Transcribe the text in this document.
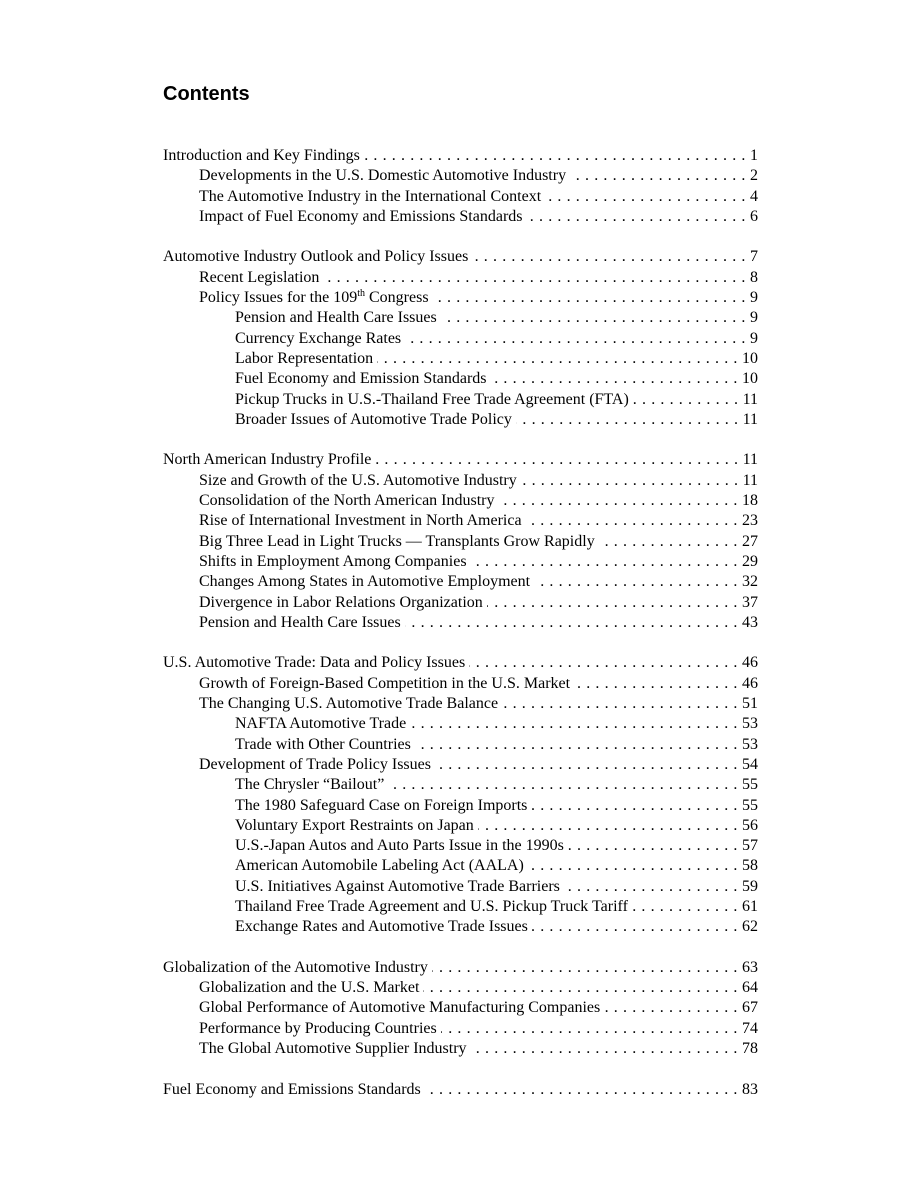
Contents
Introduction and Key Findings . . .	1
Developments in the U.S. Domestic Automotive Industry . . .	2
The Automotive Industry in the International Context . . .	4
Impact of Fuel Economy and Emissions Standards . . .	6
Automotive Industry Outlook and Policy Issues . . .	7
Recent Legislation . . .	8
Policy Issues for the 109th Congress . . .	9
Pension and Health Care Issues . . .	9
Currency Exchange Rates . . .	9
Labor Representation . . .	10
Fuel Economy and Emission Standards . . .	10
Pickup Trucks in U.S.-Thailand Free Trade Agreement (FTA) . . .	11
Broader Issues of Automotive Trade Policy . . .	11
North American Industry Profile . . .	11
Size and Growth of the U.S. Automotive Industry . . .	11
Consolidation of the North American Industry . . .	18
Rise of International Investment in North America . . .	23
Big Three Lead in Light Trucks — Transplants Grow Rapidly . . .	27
Shifts in Employment Among Companies . . .	29
Changes Among States in Automotive Employment . . .	32
Divergence in Labor Relations Organization . . .	37
Pension and Health Care Issues . . .	43
U.S. Automotive Trade: Data and Policy Issues . . .	46
Growth of Foreign-Based Competition in the U.S. Market . . .	46
The Changing U.S. Automotive Trade Balance . . .	51
NAFTA Automotive Trade . . .	53
Trade with Other Countries . . .	53
Development of Trade Policy Issues . . .	54
The Chrysler “Bailout” . . .	55
The 1980 Safeguard Case on Foreign Imports . . .	55
Voluntary Export Restraints on Japan . . .	56
U.S.-Japan Autos and Auto Parts Issue in the 1990s . . .	57
American Automobile Labeling Act (AALA) . . .	58
U.S. Initiatives Against Automotive Trade Barriers . . .	59
Thailand Free Trade Agreement and U.S. Pickup Truck Tariff . . .	61
Exchange Rates and Automotive Trade Issues . . .	62
Globalization of the Automotive Industry . . .	63
Globalization and the U.S. Market . . .	64
Global Performance of Automotive Manufacturing Companies . . .	67
Performance by Producing Countries . . .	74
The Global Automotive Supplier Industry . . .	78
Fuel Economy and Emissions Standards . . .	83
